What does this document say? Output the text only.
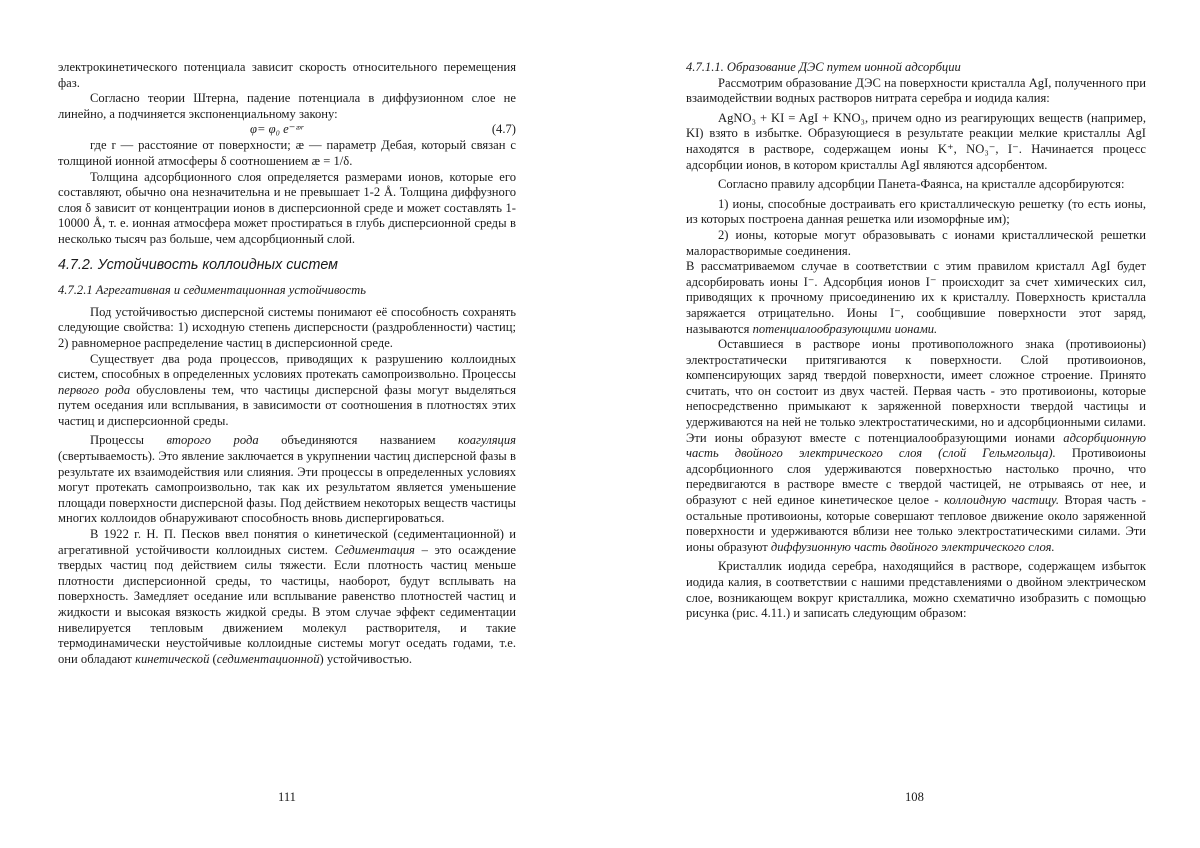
электрокинетического потенциала зависит скорость относительного перемещения фаз.

Согласно теории Штерна, падение потенциала в диффузионном слое не линейно, а подчиняется экспоненциальному закону:

φ= φ₀ e⁻ᵆʳ	(4.7)

где r — расстояние от поверхности; æ — параметр Дебая, который связан с толщиной ионной атмосферы δ соотношением æ = 1/δ.

Толщина адсорбционного слоя определяется размерами ионов, которые его составляют, обычно она незначительна и не превышает 1-2 Å. Толщина диффузного слоя δ зависит от концентрации ионов в дисперсионной среде и может составлять 1-10000 Å, т. е. ионная атмосфера может простираться в глубь дисперсионной среды в несколько тысяч раз больше, чем адсорбционный слой.

4.7.2. Устойчивость коллоидных систем
4.7.2.1 Агрегативная и седиментационная устойчивость

Под устойчивостью дисперсной системы понимают её способность сохранять следующие свойства: 1) исходную степень дисперсности (раздробленности) частиц; 2) равномерное распределение частиц в дисперсионной среде.

Существует два рода процессов, приводящих к разрушению коллоидных систем, способных в определенных условиях протекать самопроизвольно. Процессы первого рода обусловлены тем, что частицы дисперсной фазы могут выделяться путем оседания или всплывания, в зависимости от соотношения в плотностях этих частиц и дисперсионной среды.

Процессы второго рода объединяются названием коагуляция (свертываемость). Это явление заключается в укрупнении частиц дисперсной фазы в результате их взаимодействия или слияния. Эти процессы в определенных условиях могут протекать самопроизвольно, так как их результатом является уменьшение площади поверхности дисперсной фазы. Под действием некоторых веществ частицы многих коллоидов обнаруживают способность вновь диспергироваться.

В 1922 г. Н. П. Песков ввел понятия о кинетической (седиментационной) и агрегативной устойчивости коллоидных систем. Седиментация – это осаждение твердых частиц под действием силы тяжести. Если плотность частиц меньше плотности дисперсионной среды, то частицы, наоборот, будут всплывать на поверхность. Замедляет оседание или всплывание равенство плотностей частиц и жидкости и высокая вязкость жидкой среды. В этом случае эффект седиментации нивелируется тепловым движением молекул растворителя, и такие термодинамически неустойчивые коллоидные системы могут оседать годами, т.е. они обладают кинетической (седиментационной) устойчивостью.

111
4.7.1.1. Образование ДЭС путем ионной адсорбции

Рассмотрим образование ДЭС на поверхности кристалла AgI, полученного при взаимодействии водных растворов нитрата серебра и иодида калия:

AgNO₃ + KI = AgI + KNO₃, причем одно из реагирующих веществ (например, KI) взято в избытке. Образующиеся в результате реакции мелкие кристаллы AgI находятся в растворе, содержащем ионы K⁺, NO₃⁻, I⁻. Начинается процесс адсорбции ионов, в котором кристаллы AgI являются адсорбентом.

Согласно правилу адсорбции Панета-Фаянса, на кристалле адсорбируются:

1) ионы, способные достраивать его кристаллическую решетку (то есть ионы, из которых построена данная решетка или изоморфные им);

2) ионы, которые могут образовывать с ионами кристаллической решетки малорастворимые соединения.

В рассматриваемом случае в соответствии с этим правилом кристалл AgI будет адсорбировать ионы I⁻. Адсорбция ионов I⁻ происходит за счет химических сил, приводящих к прочному присоединению их к кристаллу. Поверхность кристалла заряжается отрицательно. Ионы I⁻, сообщившие поверхности этот заряд, называются потенциалообразующими ионами.

Оставшиеся в растворе ионы противоположного знака (противоионы) электростатически притягиваются к поверхности. Слой противоионов, компенсирующих заряд твердой поверхности, имеет сложное строение. Принято считать, что он состоит из двух частей. Первая часть - это противоионы, которые непосредственно примыкают к заряженной поверхности твердой частицы и удерживаются на ней не только электростатическими, но и адсорбционными силами. Эти ионы образуют вместе с потенциалообразующими ионами адсорбционную часть двойного электрического слоя (слой Гельмгольца). Противоионы адсорбционного слоя удерживаются поверхностью настолько прочно, что передвигаются в растворе вместе с твердой частицей, не отрываясь от нее, и образуют с ней единое кинетическое целое - коллоидную частицу. Вторая часть - остальные противоионы, которые совершают тепловое движение около заряженной поверхности и удерживаются вблизи нее только электростатическими силами. Эти ионы образуют диффузионную часть двойного электрического слоя.

Кристаллик иодида серебра, находящийся в растворе, содержащем избыток иодида калия, в соответствии с нашими представлениями о двойном электрическом слое, возникающем вокруг кристаллика, можно схематично изобразить с помощью рисунка (рис. 4.11.) и записать следующим образом:

108
